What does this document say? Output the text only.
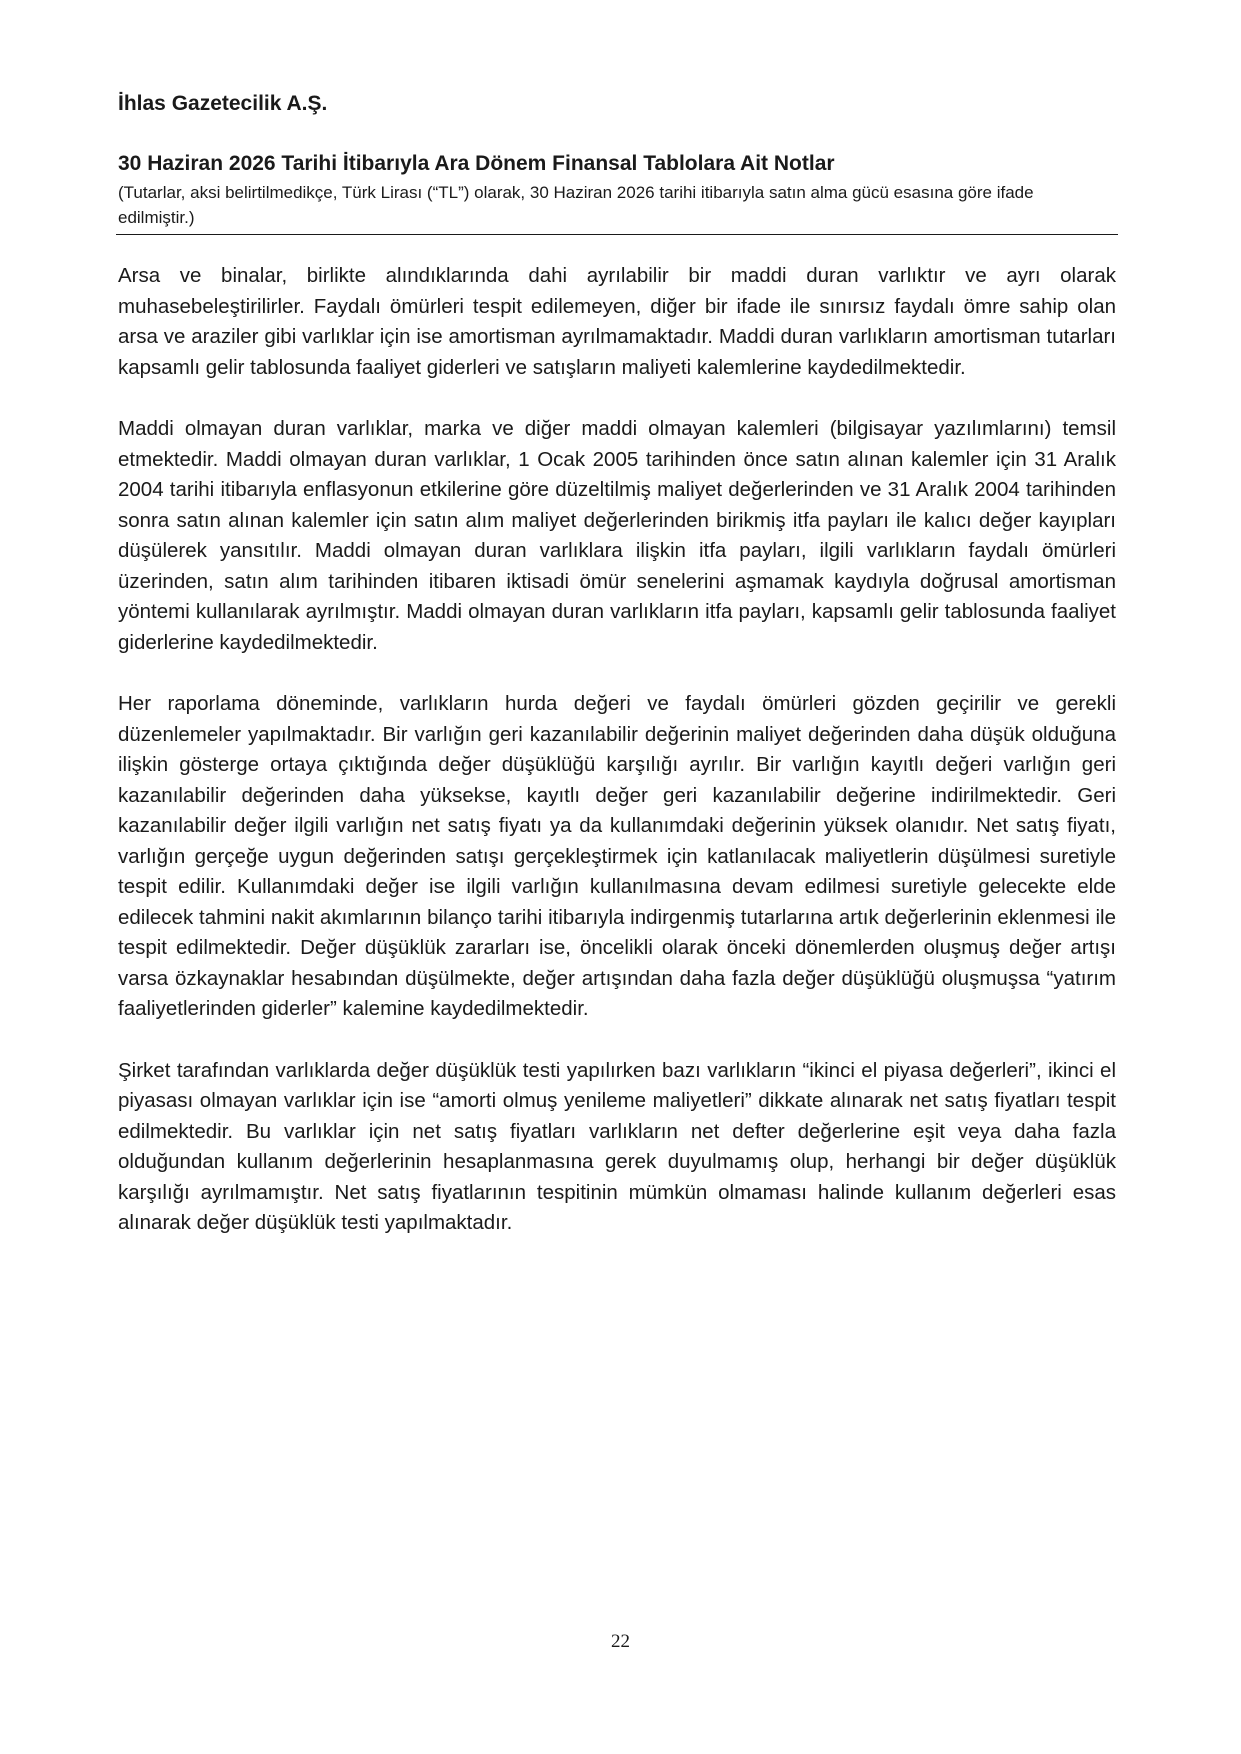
İhlas Gazetecilik A.Ş.

30 Haziran 2026 Tarihi İtibarıyla Ara Dönem Finansal Tablolara Ait Notlar

(Tutarlar, aksi belirtilmedikçe, Türk Lirası (“TL”) olarak, 30 Haziran 2026 tarihi itibarıyla satın alma gücü esasına göre ifade edilmiştir.)

Arsa ve binalar, birlikte alındıklarında dahi ayrılabilir bir maddi duran varlıktır ve ayrı olarak muhasebeleştirilirler. Faydalı ömürleri tespit edilemeyen, diğer bir ifade ile sınırsız faydalı ömre sahip olan arsa ve araziler gibi varlıklar için ise amortisman ayrılmamaktadır. Maddi duran varlıkların amortisman tutarları kapsamlı gelir tablosunda faaliyet giderleri ve satışların maliyeti kalemlerine kaydedilmektedir.

Maddi olmayan duran varlıklar, marka ve diğer maddi olmayan kalemleri (bilgisayar yazılımlarını) temsil etmektedir. Maddi olmayan duran varlıklar, 1 Ocak 2005 tarihinden önce satın alınan kalemler için 31 Aralık 2004 tarihi itibarıyla enflasyonun etkilerine göre düzeltilmiş maliyet değerlerinden ve 31 Aralık 2004 tarihinden sonra satın alınan kalemler için satın alım maliyet değerlerinden birikmiş itfa payları ile kalıcı değer kayıpları düşülerek yansıtılır. Maddi olmayan duran varlıklara ilişkin itfa payları, ilgili varlıkların faydalı ömürleri üzerinden, satın alım tarihinden itibaren iktisadi ömür senelerini aşmamak kaydıyla doğrusal amortisman yöntemi kullanılarak ayrılmıştır. Maddi olmayan duran varlıkların itfa payları, kapsamlı gelir tablosunda faaliyet giderlerine kaydedilmektedir.

Her raporlama döneminde, varlıkların hurda değeri ve faydalı ömürleri gözden geçirilir ve gerekli düzenlemeler yapılmaktadır. Bir varlığın geri kazanılabilir değerinin maliyet değerinden daha düşük olduğuna ilişkin gösterge ortaya çıktığında değer düşüklüğü karşılığı ayrılır. Bir varlığın kayıtlı değeri varlığın geri kazanılabilir değerinden daha yüksekse, kayıtlı değer geri kazanılabilir değerine indirilmektedir. Geri kazanılabilir değer ilgili varlığın net satış fiyatı ya da kullanımdaki değerinin yüksek olanıdır. Net satış fiyatı, varlığın gerçeğe uygun değerinden satışı gerçekleştirmek için katlanılacak maliyetlerin düşülmesi suretiyle tespit edilir. Kullanımdaki değer ise ilgili varlığın kullanılmasına devam edilmesi suretiyle gelecekte elde edilecek tahmini nakit akımlarının bilanço tarihi itibarıyla indirgenmiş tutarlarına artık değerlerinin eklenmesi ile tespit edilmektedir. Değer düşüklük zararları ise, öncelikli olarak önceki dönemlerden oluşmuş değer artışı varsa özkaynaklar hesabından düşülmekte, değer artışından daha fazla değer düşüklüğü oluşmuşsa “yatırım faaliyetlerinden giderler” kalemine kaydedilmektedir.

Şirket tarafından varlıklarda değer düşüklük testi yapılırken bazı varlıkların “ikinci el piyasa değerleri”, ikinci el piyasası olmayan varlıklar için ise “amorti olmuş yenileme maliyetleri” dikkate alınarak net satış fiyatları tespit edilmektedir. Bu varlıklar için net satış fiyatları varlıkların net defter değerlerine eşit veya daha fazla olduğundan kullanım değerlerinin hesaplanmasına gerek duyulmamış olup, herhangi bir değer düşüklük karşılığı ayrılmamıştır. Net satış fiyatlarının tespitinin mümkün olmaması halinde kullanım değerleri esas alınarak değer düşüklük testi yapılmaktadır.

22
